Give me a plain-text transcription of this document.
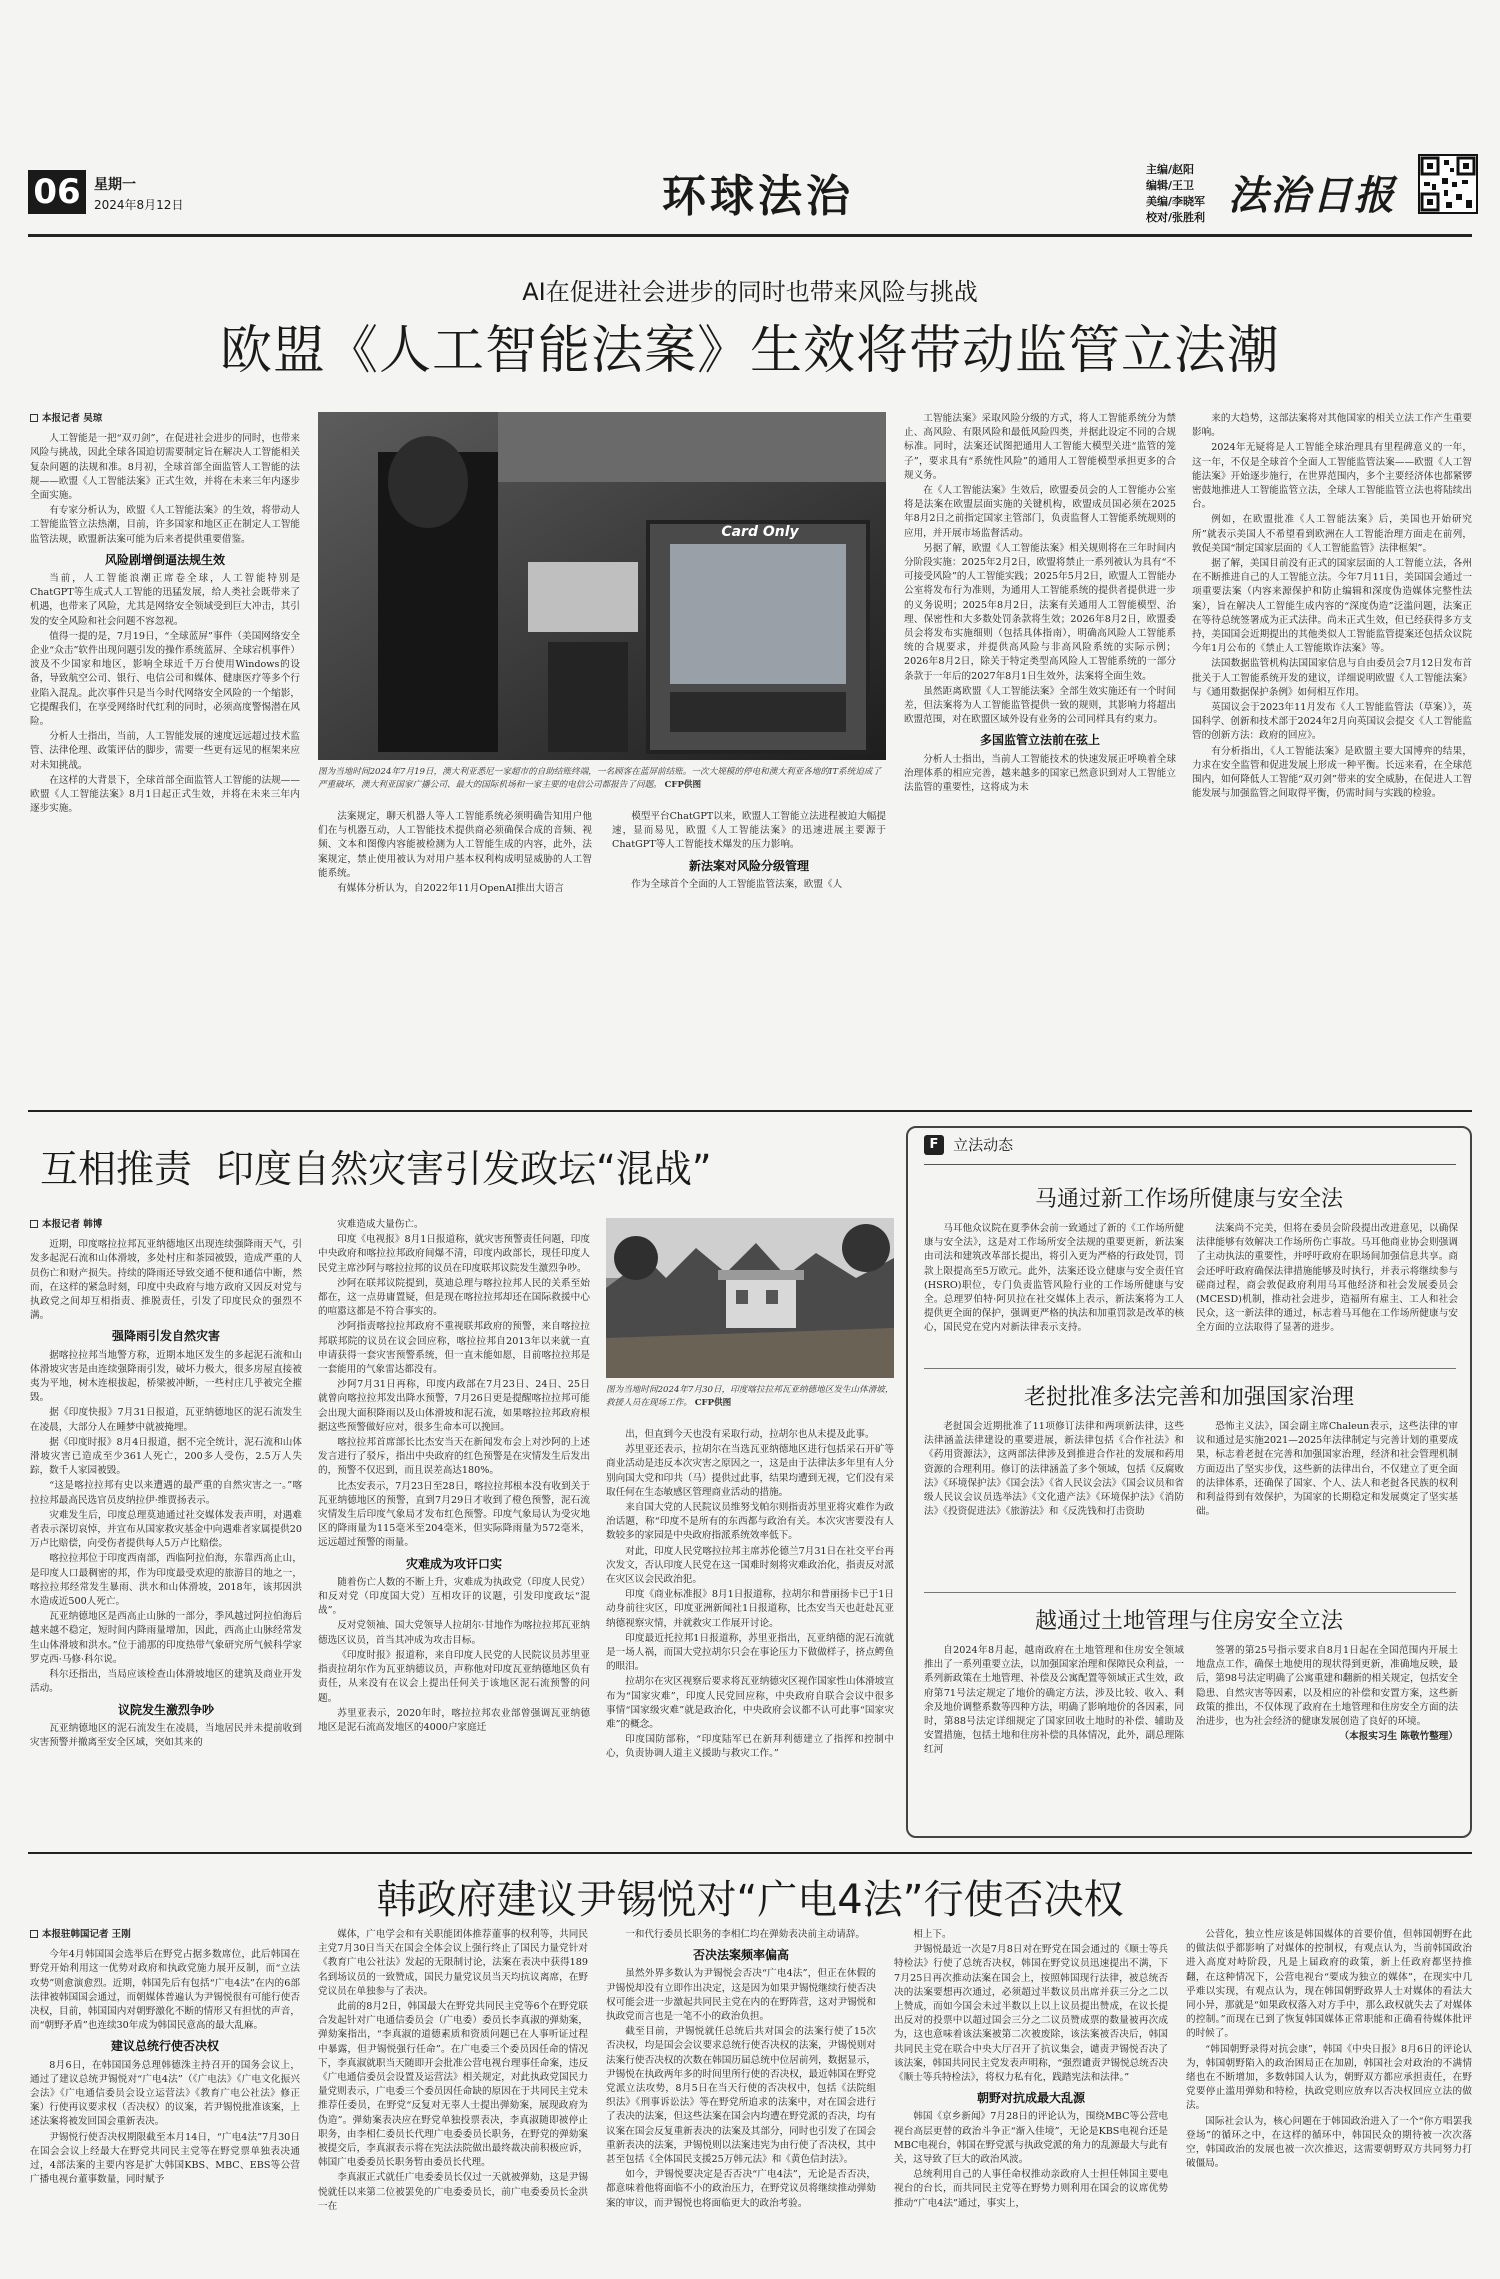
06 星期一
2024年8月12日	环球法治
主编/赵阳
编辑/王卫
美编/李晓军
校对/张胜利 法治日报
AI在促进社会进步的同时也带来风险与挑战
欧盟《人工智能法案》生效将带动监管立法潮
本报记者 吴琼

人工智能是一把“双刃剑”，在促进社会进步的同时，也带来风险与挑战，因此全球各国迫切需要制定旨在解决人工智能相关复杂问题的法规和准。8月初，全球首部全面监管人工智能的法规——欧盟《人工智能法案》正式生效，并将在未来三年内逐步全面实施。

有专家分析认为，欧盟《人工智能法案》的生效，将带动人工智能监管立法热潮，目前，许多国家和地区正在制定人工智能监管法规，欧盟新法案可能为后来者提供重要借鉴。

风险剧增倒逼法规生效

当前，人工智能浪潮正席卷全球，人工智能特别是ChatGPT等生成式人工智能的迅猛发展，给人类社会既带来了机遇，也带来了风险，尤其是网络安全领域受到巨大冲击，其引发的安全风险和社会问题不容忽视。

值得一提的是，7月19日，“全球蓝屏”事件（美国网络安全企业“众击”软件出现问题引发的操作系统蓝屏、全球宕机事件）波及不少国家和地区，影响全球近千万台使用Windows的设备，导致航空公司、银行、电信公司和媒体、健康医疗等多个行业陷入混乱。此次事件只是当今时代网络安全风险的一个缩影，它提醒我们，在享受网络时代红利的同时，必须高度警惕潜在风险。

分析人士指出，当前，人工智能发展的速度远远超过技术监管、法律伦理、政策评估的脚步，需要一些更有远见的框架来应对未知挑战。

在这样的大背景下，全球首部全面监管人工智能的法规——欧盟《人工智能法案》8月1日起正式生效，并将在未来三年内逐步实施。

Card Only
图为当地时间2024年7月19日，澳大利亚悉尼一家超市的自助结账终端，一名顾客在蓝屏前结账。一次大规模的停电和澳大利亚各地的IT系统迫成了严重破坏，澳大利亚国家广播公司、最大的国际机场和一家主要的电信公司都报告了问题。 CFP供图

法案规定，聊天机器人等人工智能系统必须明确告知用户他们在与机器互动，人工智能技术提供商必须确保合成的音频、视频、文本和图像内容能被检测为人工智能生成的内容，此外，法案规定，禁止使用被认为对用户基本权利构成明显威胁的人工智能系统。

有媒体分析认为，自2022年11月OpenAI推出大语言

模型平台ChatGPT以来，欧盟人工智能立法进程被迫大幅提速，显而易见，欧盟《人工智能法案》的迅速进展主要源于ChatGPT等人工智能技术爆发的压力影响。

新法案对风险分级管理

作为全球首个全面的人工智能监管法案，欧盟《人

工智能法案》采取风险分级的方式，将人工智能系统分为禁止、高风险、有限风险和最低风险四类，并据此设定不同的合规标准。同时，法案还试图把通用人工智能大模型关进“监管的笼子”，要求具有“系统性风险”的通用人工智能模型承担更多的合规义务。

在《人工智能法案》生效后，欧盟委员会的人工智能办公室将是法案在欧盟层面实施的关键机构，欧盟成员国必须在2025年8月2日之前指定国家主管部门，负责监督人工智能系统规则的应用，并开展市场监督活动。

另据了解，欧盟《人工智能法案》相关规则将在三年时间内分阶段实施：2025年2月2日，欧盟将禁止一系列被认为具有“不可接受风险”的人工智能实践；2025年5月2日，欧盟人工智能办公室将发布行为准则，为通用人工智能系统的提供者提供进一步的义务说明；2025年8月2日，法案有关通用人工智能模型、治理、保密性和大多数处罚条款将生效；2026年8月2日，欧盟委员会将发布实施细则（包括具体指南），明确高风险人工智能系统的合规要求，并提供高风险与非高风险系统的实际示例；2026年8月2日，除关于特定类型高风险人工智能系统的一部分条款于一年后的2027年8月1日生效外，法案将全面生效。

虽然距离欧盟《人工智能法案》全部生效实施还有一个时间差，但法案将为人工智能监管提供一致的规则，其影响力将超出欧盟范围，对在欧盟区域外设有业务的公司同样具有约束力。

多国监管立法前在弦上

分析人士指出，当前人工智能技术的快速发展正呼唤着全球治理体系的相应完善，越来越多的国家已然意识到对人工智能立法监管的重要性，这将成为未

来的大趋势，这部法案将对其他国家的相关立法工作产生重要影响。

2024年无疑将是人工智能全球治理具有里程碑意义的一年，这一年，不仅是全球首个全面人工智能监管法案——欧盟《人工智能法案》开始逐步施行，在世界范围内，多个主要经济体也都紧锣密鼓地推进人工智能监管立法，全球人工智能监管立法也将陆续出台。

例如，在欧盟批准《人工智能法案》后，美国也开始研究所”就表示美国人不希望看到欧洲在人工智能治理方面走在前列，敦促美国“制定国家层面的《人工智能监管》法律框架”。

据了解，美国目前没有正式的国家层面的人工智能立法，各州在不断推进自己的人工智能立法。今年7月11日，美国国会通过一项重要法案（内容来源保护和防止编辑和深度伪造媒体完整性法案），旨在解决人工智能生成内容的“深度伪造”泛滥问题，法案正在等待总统签署成为正式法律。尚未正式生效，但已经获得多方支持，美国国会近期提出的其他类似人工智能监管提案还包括众议院今年1月公布的《禁止人工智能欺诈法案》等。

法国数据监管机构法国国家信息与自由委员会7月12日发布首批关于人工智能系统开发的建议，详细说明欧盟《人工智能法案》与《通用数据保护条例》如何相互作用。

英国议会于2023年11月发布《人工智能监管法（草案）》，英国科学、创新和技术部于2024年2月向英国议会提交《人工智能监管的创新方法：政府的回应》。

有分析指出，《人工智能法案》是欧盟主要大国博弈的结果，力求在安全监管和促进发展上形成一种平衡。长远来看，在全球范围内，如何降低人工智能“双刃剑”带来的安全威胁，在促进人工智能发展与加强监管之间取得平衡，仍需时间与实践的检验。

互相推责  印度自然灾害引发政坛“混战”
本报记者 韩博

近期，印度喀拉拉邦瓦亚纳德地区出现连续强降雨天气，引发多起泥石流和山体滑坡，多处村庄和茶园被毁，造成严重的人员伤亡和财产损失。持续的降雨还导致交通不便和通信中断，然而，在这样的紧急时刻，印度中央政府与地方政府又因反对党与执政党之间却互相指责、推脱责任，引发了印度民众的强烈不满。

强降雨引发自然灾害

据喀拉拉邦当地警方称，近期本地区发生的多起泥石流和山体滑坡灾害是由连续强降雨引发，破坏力极大，很多房屋直接被夷为平地，树木连根拔起，桥梁被冲断，一些村庄几乎被完全摧毁。

据《印度快报》7月31日报道，瓦亚纳德地区的泥石流发生在凌晨，大部分人在睡梦中就被掩埋。

据《印度时报》8月4日报道，据不完全统计，泥石流和山体滑坡灾害已造成至少361人死亡，200多人受伤，2.5万人失踪，数千人家园被毁。

“这是喀拉拉邦有史以来遭遇的最严重的自然灾害之一。”喀拉拉邦最高民选官员皮纳拉伊·维贾扬表示。

灾难发生后，印度总理莫迪通过社交媒体发表声明，对遇难者表示深切哀悼，并宣布从国家救灾基金中向遇难者家属提供20万卢比赔偿，向受伤者提供每人5万卢比赔偿。

喀拉拉邦位于印度西南部，西临阿拉伯海，东靠西高止山，是印度人口最稠密的邦，作为印度最受欢迎的旅游目的地之一，喀拉拉邦经常发生暴雨、洪水和山体滑坡，2018年，该邦因洪水造成近500人死亡。

瓦亚纳德地区是西高止山脉的一部分，季风越过阿拉伯海后越来越不稳定，短时间内降雨量增加，因此，西高止山脉经常发生山体滑坡和洪水。”位于浦那的印度热带气象研究所气候科学家罗克西·马修·科尔说。

科尔还指出，当局应该检查山体滑坡地区的建筑及商业开发活动。

议院发生激烈争吵

瓦亚纳德地区的泥石流发生在凌晨，当地居民并未提前收到灾害预警并撤离至安全区域，突如其来的

灾难造成大量伤亡。

印度《电视报》8月1日报道称，就灾害预警责任问题，印度中央政府和喀拉拉邦政府间爆不清，印度内政部长，现任印度人民党主席沙阿与喀拉拉邦的议员在印度联邦议院发生激烈争吵。

沙阿在联邦议院提到，莫迪总理与喀拉拉邦人民的关系至始都在，这一点毋庸置疑，但是现在喀拉拉邦却还在国际救援中心的喧嚣这都是不符合事实的。

沙阿指责喀拉拉邦政府不重视联邦政府的预警，来自喀拉拉邦联邦院的议员在议会回应称，喀拉拉邦自2013年以来就一直申请获得一套灾害预警系统，但一直未能如愿，目前喀拉拉邦是一套能用的气象雷达都没有。

沙阿7月31日再称，印度内政部在7月23日、24日、25日就曾向喀拉拉邦发出降水预警，7月26日更是提醒喀拉拉邦可能会出现大面积降雨以及山体滑坡和泥石流，如果喀拉拉邦政府根据这些预警做好应对，很多生命本可以挽回。

喀拉拉邦首席部长比杰安当天在新闻发布会上对沙阿的上述发言进行了驳斥，指出中央政府的红色预警是在灾情发生后发出的，预警不仅迟到，而且误差高达180%。

比杰安表示，7月23日至28日，喀拉拉邦根本没有收到关于瓦亚纳德地区的预警，直到7月29日才收到了橙色预警，泥石流灾情发生后印度气象局才发布红色预警。印度气象局认为受灾地区的降雨量为115毫米至204毫米，但实际降雨量为572毫米，远远超过预警的雨量。

灾难成为攻讦口实

随着伤亡人数的不断上升，灾难成为执政党（印度人民党）和反对党（印度国大党）互相攻讦的议题，引发印度政坛“混战”。

反对党领袖、国大党领导人拉胡尔·甘地作为喀拉拉邦瓦亚纳德选区议员，首当其冲成为攻击目标。

《印度时报》报道称，来自印度人民党的人民院议员苏里亚指责拉胡尔作为瓦亚纳德议员，声称他对印度瓦亚纳德地区负有责任，从来没有在议会上提出任何关于该地区泥石流预警的问题。

苏里亚表示，2020年时，喀拉拉邦农业部曾强调瓦亚纳德地区是泥石流高发地区的4000户家庭迁

图为当地时间2024年7月30日，印度喀拉拉邦瓦亚纳德地区发生山体滑坡，救援人员在现场工作。 CFP供图

出，但直到今天也没有采取行动，拉胡尔也从未提及此事。

苏里亚还表示，拉胡尔在当选瓦亚纳德地区进行包括采石开矿等商业活动是违反本次灾害之原因之一，这是由于法律法多年里有人分别向国大党和印共（马）提供过此事，结果均遭到无视，它们没有采取任何在生态敏感区管理商业活动的措施。

来自国大党的人民院议员维努戈帕尔则指责苏里亚将灾难作为政治话题，称“印度不是所有的东西都与政治有关。本次灾害要没有人数较多的家园是中央政府指派系统效率低下。

对此，印度人民党喀拉拉邦主席苏伦德兰7月31日在社交平台再次发文，否认印度人民党在这一国难时刻将灾难政治化，指责反对派在灾区议会民政治犯。

印度《商业标准报》8月1日报道称，拉胡尔和普丽扬卡已于1日动身前往灾区，印度亚洲新闻社1日报道称，比杰安当天也赶赴瓦亚纳德视察灾情，并就救灾工作展开讨论。

印度最近托拉邦1日报道称，苏里亚指出，瓦亚纳德的泥石流就是一场人祸，而国大党拉胡尔只会在事论压力下做做样子，挤点鳄鱼的眼泪。

拉胡尔在灾区视察后要求将瓦亚纳德灾区视作国家性山体滑坡宣布为“国家灾难”，印度人民党回应称，中央政府自联合会议中很多事情“国家级灾难”就是政治化，中央政府会议都不认可此事“国家灾难”的概念。

印度国防部称，“印度陆军已在新拜利德建立了指挥和控制中心，负责协调人道主义援助与救灾工作。”

F 立法动态
马通过新工作场所健康与安全法

马耳他众议院在夏季休会前一致通过了新的《工作场所健康与安全法》，这是对工作场所安全法规的重要更新，新法案由司法和建筑改革部长提出，将引入更为严格的行政处罚，罚款上限提高至5万欧元。此外，法案还设立健康与安全责任官(HSRO)职位，专门负责监管风险行业的工作场所健康与安全。总理罗伯特·阿贝拉在社交媒体上表示，新法案将为工人提供更全面的保护，强调更严格的执法和加重罚款是改革的核心，国民党在党内对新法律表示支持。

法案尚不完美，但将在委员会阶段提出改进意见，以确保法律能够有效解决工作场所伤亡事故。马耳他商业协会则强调了主动执法的重要性，并呼吁政府在职场间加强信息共享。商会还呼吁政府确保法律措施能够及时执行，并表示将继续参与磋商过程，商会敦促政府利用马耳他经济和社会发展委员会(MCESD)机制，推动社会进步，造福所有雇主、工人和社会民众，这一新法律的通过，标志着马耳他在工作场所健康与安全方面的立法取得了显著的进步。

老挝批准多法完善和加强国家治理

老挝国会近期批准了11项修订法律和两项新法律，这些法律涵盖法律建设的重要进展，新法律包括《合作社法》和《药用资源法》，这两部法律涉及到推进合作社的发展和药用资源的合理利用。修订的法律涵盖了多个领域，包括《反腐败法》《环境保护法》《国会法》《省人民议会法》《国会议员和省级人民议会议员选举法》《文化遗产法》《环境保护法》《消防法》《投资促进法》《旅游法》和《反洗钱和打击资助

恐怖主义法》，国会副主席Chaleun表示，这些法律的审议和通过是实施2021—2025年法律制定与完善计划的重要成果，标志着老挝在完善和加强国家治理，经济和社会管理机制方面迈出了坚实步伐，这些新的法律出台，不仅建立了更全面的法律体系，还确保了国家、个人、法人和老挝各民族的权利和利益得到有效保护，为国家的长期稳定和发展奠定了坚实基础。

越通过土地管理与住房安全立法

自2024年8月起，越南政府在土地管理和住房安全领域推出了一系列重要立法，以加强国家治理和保障民众利益，一系列新政策在土地管理、补偿及公寓配置等领域正式生效，政府第71号法定规定了地价的确定方法，涉及比较、收入、剩余及地价调整系数等四种方法，明确了影响地价的各因素，同时，第88号法定详细规定了国家回收土地时的补偿、辅助及安置措施，包括土地和住房补偿的具体情况，此外，副总理陈红河

签署的第25号指示要求自8月1日起在全国范围内开展土地盘点工作，确保土地使用的现状得到更新，准确地反映，最后，第98号法定明确了公寓重建和翻新的相关规定，包括安全隐患、自然灾害等因素，以及相应的补偿和安置方案，这些新政策的推出，不仅体现了政府在土地管理和住房安全方面的法治进步，也为社会经济的健康发展创造了良好的环境。

（本报实习生 陈敬竹整理）
韩政府建议尹锡悦对“广电4法”行使否决权
本报驻韩国记者 王刚

今年4月韩国国会选举后在野党占据多数席位，此后韩国在野党开始利用这一优势对政府和执政党施力展开反制，而“立法攻势”则愈演愈烈。近期，韩国先后有包括“广电4法”在内的6部法律被韩国国会通过，而朝媒体普遍认为尹锡悦很有可能行使否决权，目前，韩国国内对朝野激化不断的情形又有担忧的声音，而“朝野矛盾”也连续30年成为韩国民意高的最大乱麻。

建议总统行使否决权

8月6日，在韩国国务总理韩德洙主持召开的国务会议上，通过了建议总统尹锡悦对“广电4法”（《广电法》《广电文化振兴会法》《广电通信委员会设立运营法》《教育广电公社法》修正案）行使再议要求权（否决权）的议案，若尹锡悦批准该案，上述法案将被发回国会重新表决。

尹锡悦行使否决权期限截至本月14日，“广电4法”7月30日在国会会议上经最大在野党共同民主党等在野党票单独表决通过，4部法案的主要内容是扩大韩国KBS、MBC、EBS等公营广播电视台董事数量，同时赋予

媒体，广电学会和有关职能团体推荐董事的权利等，共同民主党7月30日当天在国会全体会议上强行终止了国民力量党针对《教育广电公社法》发起的无限制讨论，法案在表决中获得189名到场议员的一致赞成，国民力量党议员当天均抗议离席，在野党议员在单独参与了表决。

此前的8月2日，韩国最大在野党共同民主党等6个在野党联合发起针对广电通信委员会（广电委）委员长李真淑的弹劾案，弹劾案指出，“李真淑的道德素质和资质问题已在人事听证过程中暴露，但尹锡悦强行任命”。在广电委三个委员因任命的情况下，李真淑就职当天随即开会批准公营电视台理事任命案，违反《广电通信委员会设置及运营法》相关规定，对此执政党国民力量党则表示，广电委三个委员因任命缺的原因在于共同民主党未推荐任委员，在野党“反复对无辜人士提出弹劾案，展现政府为伪造”。弹劾案表决应在野党单独投票表决，李真淑随即被停止职务，由李相仁委员长代理广电委委员长职务，在野党的弹劾案被提交后，李真淑表示将在宪法法院做出最终裁决前积极应诉，韩国广电委委员长职务暂由委员长代理。

李真淑正式就任广电委委员长仅过一天就被弹劾，这是尹锡悦就任以来第二位被罢免的广电委委员长，前广电委委员长金洪一在

一和代行委员长职务的李相仁均在弹劾表决前主动请辞。

否决法案频率偏高

虽然外界多数认为尹锡悦会否决“广电4法”，但正在休假的尹锡悦却没有立即作出决定，这是因为如果尹锡悦继续行使否决权可能会进一步激起共同民主党在内的在野阵营，这对尹锡悦和执政党而言也是一笔不小的政治负担。

截至目前，尹锡悦就任总统后共对国会的法案行使了15次否决权，均是国会会议要求总统行使否决权的法案，尹锡悦则对法案行使否决权的次数在韩国历届总统中位居前列，数据显示，尹锡悦在执政两年多的时间里所行使的否决权，最近韩国在野党党派立法攻势，8月5日在当天行使的否决权中，包括《法院组织法》《刑事诉讼法》等在野党所追求的法案中，对在国会进行了表决的法案，但这些法案在国会内均遭在野党派的否决，均有议案在国会反复重新表决的法案及其部分，同时也引发了在国会重新表决的法案，尹锡悦则以法案违宪为由行使了否决权，其中甚至包括《全体国民支援25万韩元法》和《黄色信封法》。

如今，尹锡悦要决定是否否决“广电4法”，无论是否否决，都意味着他将面临不小的政治压力，在野党议员将继续推动弹劾案的审议，而尹锡悦也将面临更大的政治考验。

相上下。

尹锡悦最近一次是7月8日对在野党在国会通过的《顺士等兵特检法》行使了总统否决权，韩国在野党议员迅速提出不满，下7月25日再次推动法案在国会上，按照韩国现行法律，被总统否决的法案要想再次通过，必须超过半数议员出席并获三分之二以上赞成，而如今国会未过半数以上以上议员提出赞成，在议长提出反对的投票中以超过国会三分之二议员赞成票的数量被再次成为，这也意味着该法案被第二次被废除，该法案被否决后，韩国共同民主党在联合中央大厅召开了抗议集会，谴责尹锡悦否决了该法案，韩国共同民主党发表声明称，“强烈谴责尹锡悦总统否决《顺士等兵特检法》，将权力私有化，践踏宪法和法律。”

朝野对抗成最大乱源

韩国《京乡新闻》7月28日的评论认为，围绕MBC等公营电视台高层更替的政治斗争正“渐入佳境”，无论是KBS电视台还是MBC电视台，韩国在野党派与执政党派的角力的乱源最大与此有关，这导致了巨大的政治风波。

总统利用自己的人事任命权推动亲政府人士担任韩国主要电视台的台长，而共同民主党等在野势力则利用在国会的议席优势推动“广电4法”通过，事实上，

公营化，独立性应该是韩国媒体的首要价值，但韩国朝野在此的做法似乎都影响了对媒体的控制权，有观点认为，当前韩国政治进入高度对峙阶段，凡是上届政府的政策，新上任政府都坚持推翻，在这种情况下，公营电视台“要成为独立的媒体”，在现实中几乎难以实现，有观点认为，现在韩国朝野政界人士对媒体的看法大同小异，那就是“如果政权落入对方手中，那么政权就失去了对媒体的控制。”而现在已到了恢复韩国媒体正常职能和正确看待媒体批评的时候了。

“韩国朝野录得对抗会康”，韩国《中央日报》8月6日的评论认为，韩国朝野陷入的政治困局正在加剧，韩国社会对政治的不满情绪也在不断增加，多数韩国人认为，朝野双方都应承担责任，在野党要停止滥用弹劾和特检，执政党则应放弃以否决权回应立法的做法。

国际社会认为，核心问题在于韩国政治进入了一个“你方唱罢我登场”的循环之中，在这样的循环中，韩国民众的期待被一次次落空，韩国政治的发展也被一次次推迟，这需要朝野双方共同努力打破僵局。
